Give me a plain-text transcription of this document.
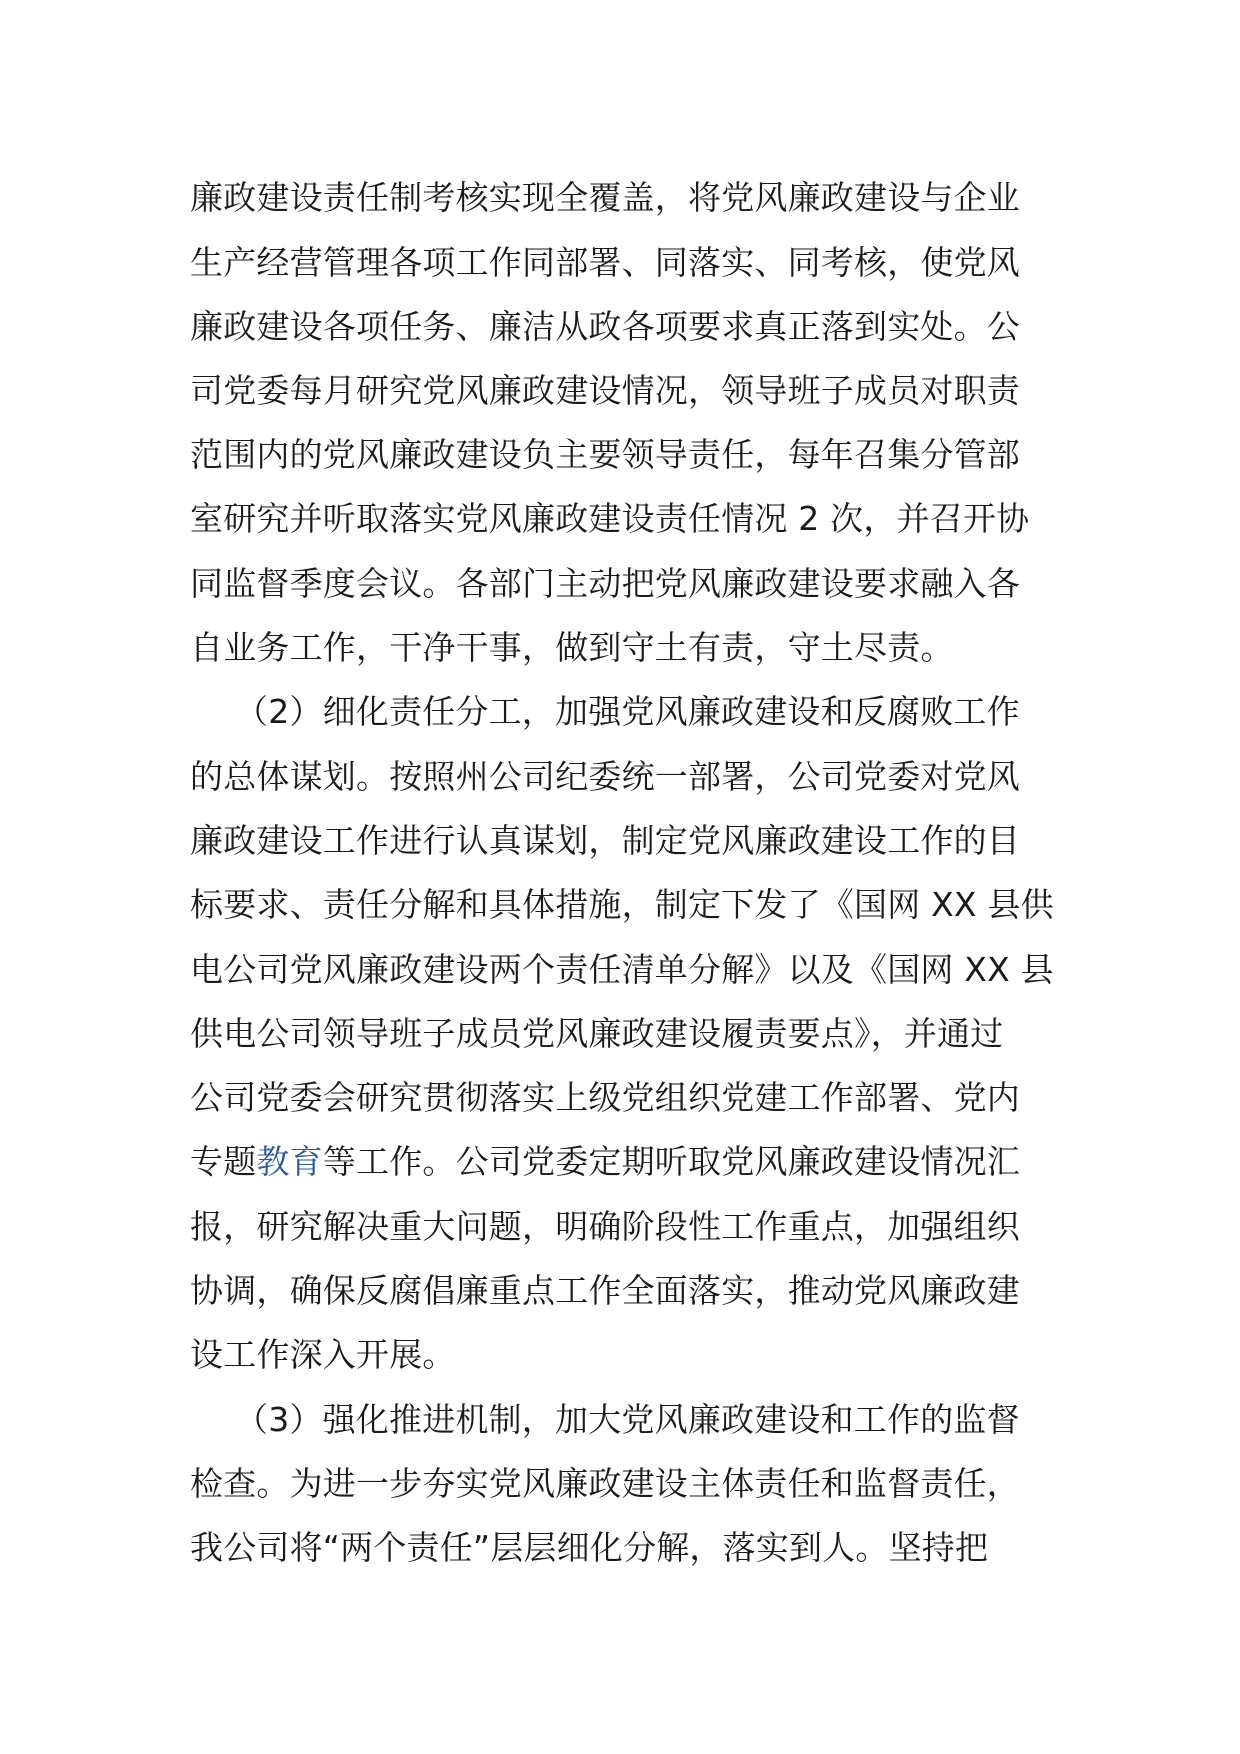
廉政建设责任制考核实现全覆盖，将党风廉政建设与企业
生产经营管理各项工作同部署、同落实、同考核，使党风
廉政建设各项任务、廉洁从政各项要求真正落到实处。公
司党委每月研究党风廉政建设情况，领导班子成员对职责
范围内的党风廉政建设负主要领导责任，每年召集分管部
室研究并听取落实党风廉政建设责任情况 2 次，并召开协
同监督季度会议。各部门主动把党风廉政建设要求融入各
自业务工作，干净干事，做到守土有责，守土尽责。
（2）细化责任分工，加强党风廉政建设和反腐败工作
的总体谋划。按照州公司纪委统一部署，公司党委对党风
廉政建设工作进行认真谋划，制定党风廉政建设工作的目
标要求、责任分解和具体措施，制定下发了《国网 XX 县供
电公司党风廉政建设两个责任清单分解》以及《国网 XX 县
供电公司领导班子成员党风廉政建设履责要点》，并通过
公司党委会研究贯彻落实上级党组织党建工作部署、党内
专题教育等工作。公司党委定期听取党风廉政建设情况汇
报，研究解决重大问题，明确阶段性工作重点，加强组织
协调，确保反腐倡廉重点工作全面落实，推动党风廉政建
设工作深入开展。
（3）强化推进机制，加大党风廉政建设和工作的监督
检查。为进一步夯实党风廉政建设主体责任和监督责任，
我公司将“两个责任”层层细化分解，落实到人。坚持把
